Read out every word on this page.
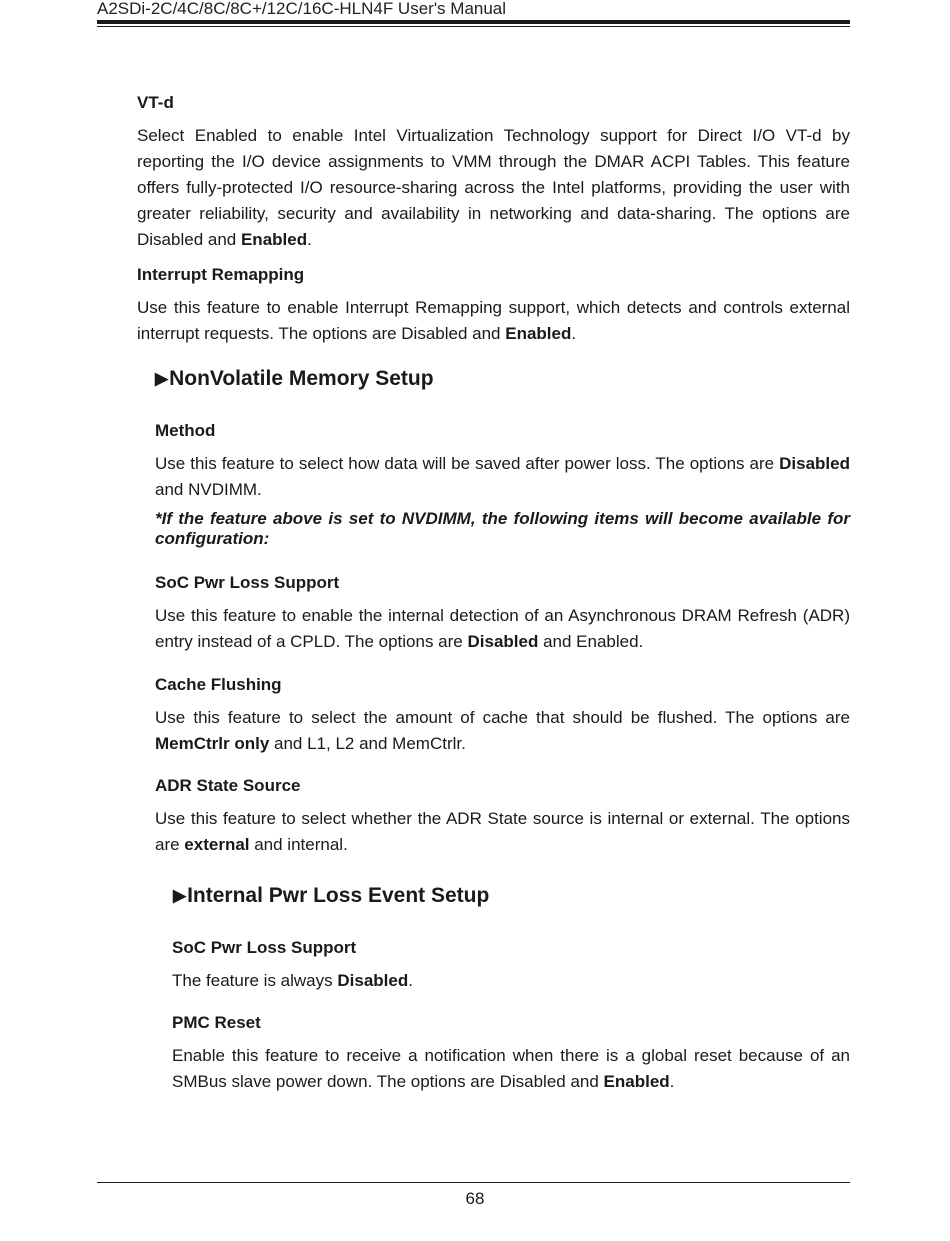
A2SDi-2C/4C/8C/8C+/12C/16C-HLN4F User's Manual

VT-d

Select Enabled to enable Intel Virtualization Technology support for Direct I/O VT-d by reporting the I/O device assignments to VMM through the DMAR ACPI Tables. This feature offers fully-protected I/O resource-sharing across the Intel platforms, providing the user with greater reliability, security and availability in networking and data-sharing. The options are Disabled and Enabled.

Interrupt Remapping

Use this feature to enable Interrupt Remapping support, which detects and controls external interrupt requests. The options are Disabled and Enabled.

▶NonVolatile Memory Setup

Method

Use this feature to select how data will be saved after power loss. The options are Disabled and NVDIMM.

*If the feature above is set to NVDIMM, the following items will become available for configuration:

SoC Pwr Loss Support

Use this feature to enable the internal detection of an Asynchronous DRAM Refresh (ADR) entry instead of a CPLD. The options are Disabled and Enabled.

Cache Flushing

Use this feature to select the amount of cache that should be flushed. The options are MemCtrlr only and L1, L2 and MemCtrlr.

ADR State Source

Use this feature to select whether the ADR State source is internal or external. The options are external and internal.

▶Internal Pwr Loss Event Setup

SoC Pwr Loss Support

The feature is always Disabled.

PMC Reset

Enable this feature to receive a notification when there is a global reset because of an SMBus slave power down. The options are Disabled and Enabled.

68
